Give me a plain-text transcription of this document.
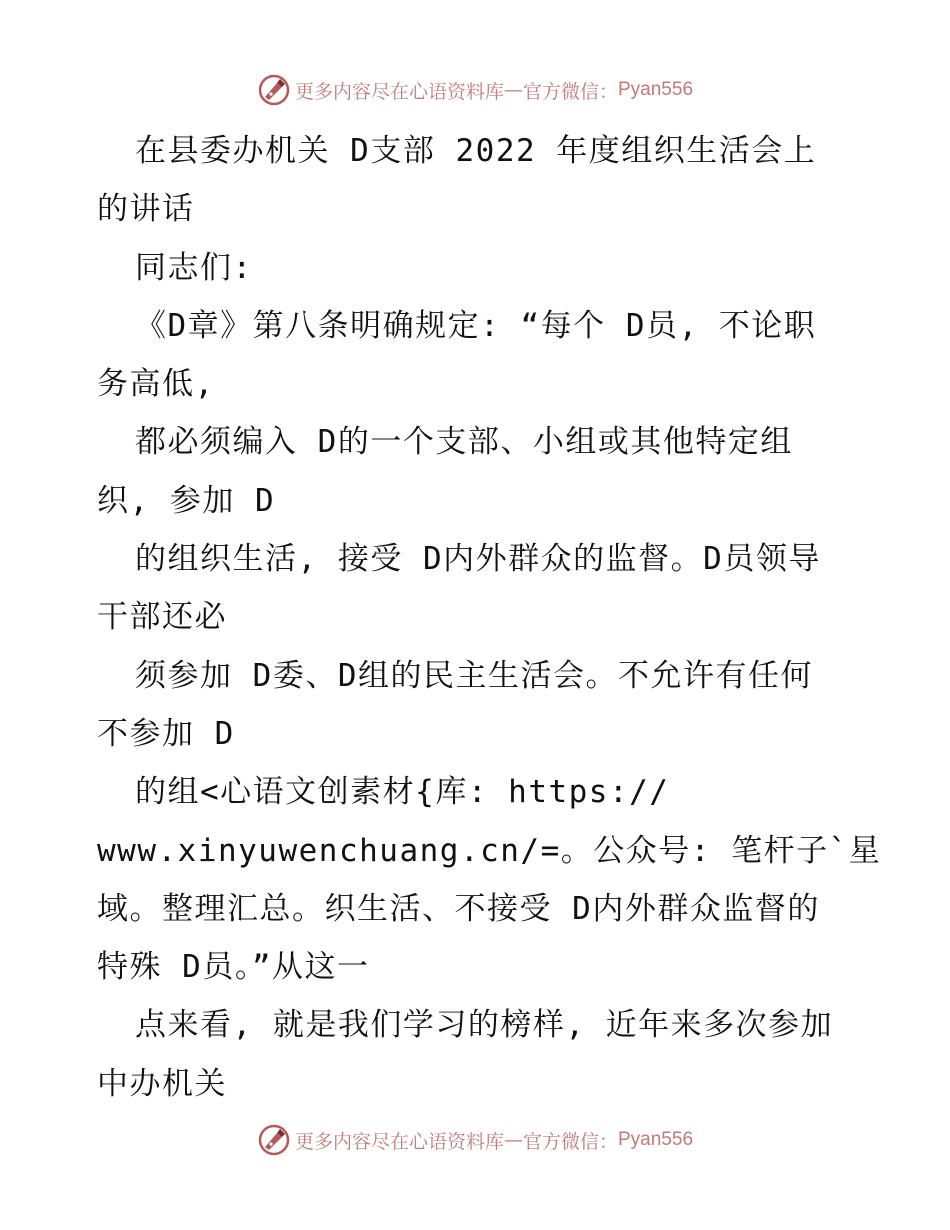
更多内容尽在心语资料库 — 官方微信： Pyan556
在县委办机关 D支部 2022 年度组织生活会上
的讲话
同志们:
《D章》第八条明确规定: “每个 D员, 不论职
务高低,
都必须编入 D的一个支部、小组或其他特定组
织, 参加 D
的组织生活, 接受 D内外群众的监督。D员领导
干部还必
须参加 D委、D组的民主生活会。不允许有任何
不参加 D
的组<心语文创素材{库: https://
www.xinyuwenchuang.cn/=。公众号: 笔杆子`星
域。整理汇总。织生活、不接受 D内外群众监督的
特殊 D员。”从这一
点来看, 就是我们学习的榜样, 近年来多次参加
中办机关
更多内容尽在心语资料库 — 官方微信： Pyan556
